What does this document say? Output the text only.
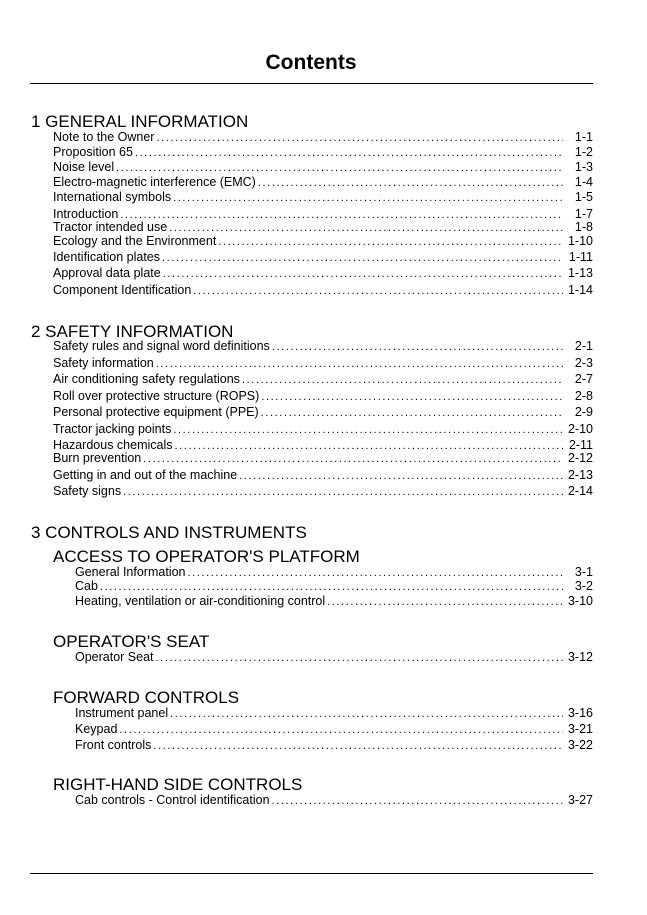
Contents
1 GENERAL INFORMATION
Note to the Owner .....	1-1
Proposition 65 .....	1-2
Noise level .....	1-3
Electro-magnetic interference (EMC) .....	1-4
International symbols .....	1-5
Introduction .....	1-7
Tractor intended use .....	1-8
Ecology and the Environment .....	1-10
Identification plates .....	1-11
Approval data plate .....	1-13
Component Identification .....	1-14
2 SAFETY INFORMATION
Safety rules and signal word definitions .....	2-1
Safety information .....	2-3
Air conditioning safety regulations .....	2-7
Roll over protective structure (ROPS) .....	2-8
Personal protective equipment (PPE) .....	2-9
Tractor jacking points .....	2-10
Hazardous chemicals .....	2-11
Burn prevention .....	2-12
Getting in and out of the machine .....	2-13
Safety signs .....	2-14
3 CONTROLS AND INSTRUMENTS
ACCESS TO OPERATOR'S PLATFORM
General Information .....	3-1
Cab .....	3-2
Heating, ventilation or air-conditioning control .....	3-10
OPERATOR'S SEAT
Operator Seat .....	3-12
FORWARD CONTROLS
Instrument panel .....	3-16
Keypad .....	3-21
Front controls .....	3-22
RIGHT-HAND SIDE CONTROLS
Cab controls - Control identification .....	3-27
